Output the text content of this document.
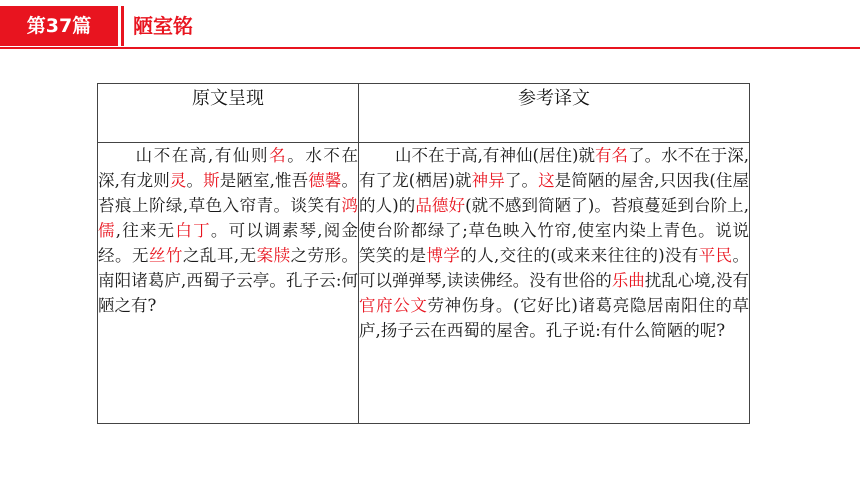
第37篇	陋室铭
原文呈现	参考译文
山不在高,有仙则名。水不在深,有龙则灵。斯是陋室,惟吾德馨。苔痕上阶绿,草色入帘青。谈笑有鸿儒,往来无白丁。可以调素琴,阅金经。无丝竹之乱耳,无案牍之劳形。南阳诸葛庐,西蜀子云亭。孔子云:何陋之有?	山不在于高,有神仙(居住)就有名了。水不在于深,有了龙(栖居)就神异了。这是简陋的屋舍,只因我(住屋的人)的品德好(就不感到简陋了)。苔痕蔓延到台阶上,使台阶都绿了;草色映入竹帘,使室内染上青色。说说笑笑的是博学的人,交往的(或来来往往的)没有平民。可以弹弹琴,读读佛经。没有世俗的乐曲扰乱心境,没有官府公文劳神伤身。(它好比)诸葛亮隐居南阳住的草庐,扬子云在西蜀的屋舍。孔子说:有什么简陋的呢?
